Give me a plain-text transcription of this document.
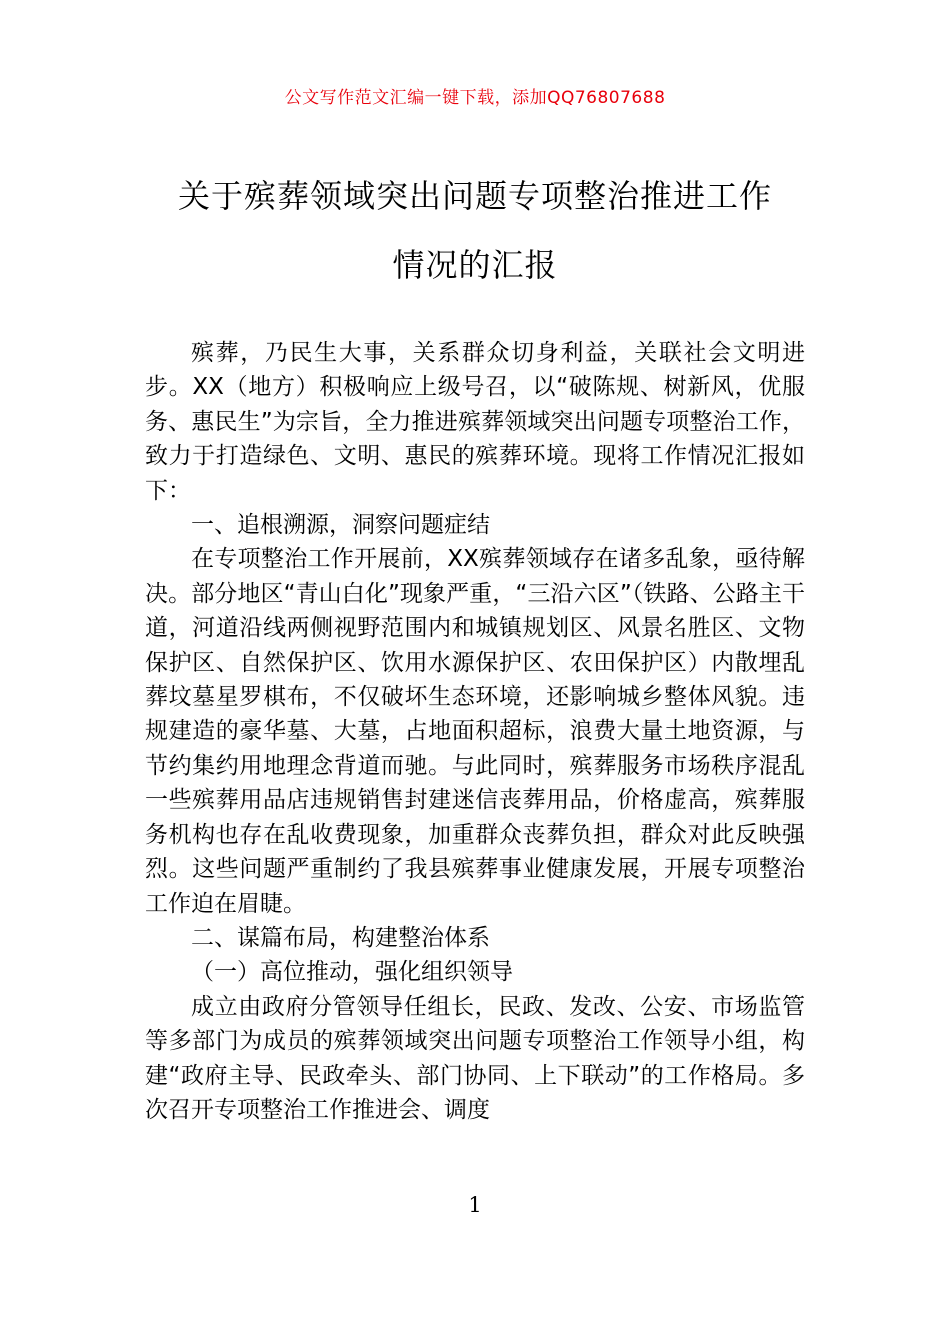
公文写作范文汇编一键下载，添加QQ76807688
关于殡葬领域突出问题专项整治推进工作
情况的汇报

殡葬，乃民生大事，关系群众切身利益，关联社会文明进步。XX（地方）积极响应上级号召，以“破陈规、树新风，优服务、惠民生”为宗旨，全力推进殡葬领域突出问题专项整治工作，致力于打造绿色、文明、惠民的殡葬环境。现将工作情况汇报如下：

一、追根溯源，洞察问题症结

在专项整治工作开展前，XX殡葬领域存在诸多乱象，亟待解决。部分地区“青山白化”现象严重，“三沿六区”（铁路、公路主干道，河道沿线两侧视野范围内和城镇规划区、风景名胜区、文物保护区、自然保护区、饮用水源保护区、农田保护区）内散埋乱葬坟墓星罗棋布，不仅破坏生态环境，还影响城乡整体风貌。违规建造的豪华墓、大墓，占地面积超标，浪费大量土地资源，与节约集约用地理念背道而驰。与此同时，殡葬服务市场秩序混乱一些殡葬用品店违规销售封建迷信丧葬用品，价格虚高，殡葬服务机构也存在乱收费现象，加重群众丧葬负担，群众对此反映强烈。这些问题严重制约了我县殡葬事业健康发展，开展专项整治工作迫在眉睫。

二、谋篇布局，构建整治体系

（一）高位推动，强化组织领导

成立由政府分管领导任组长，民政、发改、公安、市场监管等多部门为成员的殡葬领域突出问题专项整治工作领导小组，构建“政府主导、民政牵头、部门协同、上下联动”的工作格局。多次召开专项整治工作推进会、调度

1
